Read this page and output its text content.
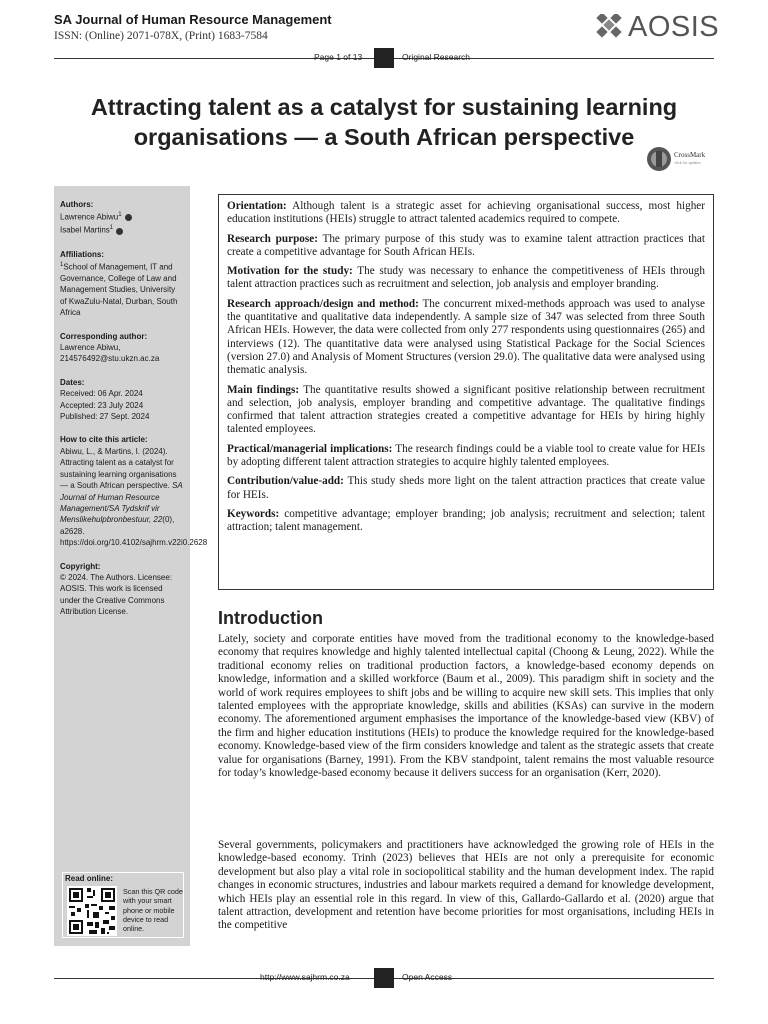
SA Journal of Human Resource Management
ISSN: (Online) 2071-078X, (Print) 1683-7584	AOSIS
Page 1 of 13	Original Research
Attracting talent as a catalyst for sustaining learning
organisations — a South African perspective
CrossMark
click for updates
Authors:
Lawrence Abiwu$^1$
Isabel Martins$^1$
Affiliations:
$^1$School of Management, IT and Governance, College of Law and Management Studies, University of KwaZulu-Natal, Durban, South Africa
Corresponding author:
Lawrence Abiwu,
214576492@stu.ukzn.ac.za
Dates:
Received: 06 Apr. 2024
Accepted: 23 July 2024
Published: 27 Sept. 2024
How to cite this article:
Abiwu, L., & Martins, I. (2024). Attracting talent as a catalyst for sustaining learning organisations — a South African perspective. SA Journal of Human Resource Management/SA Tydskrif vir Menslikehulpbronbestuur, 22(0), a2628. https://doi.org/10.4102/sajhrm.v22i0.2628
Copyright:
© 2024. The Authors. Licensee: AOSIS. This work is licensed under the Creative Commons Attribution License.
Read online:
Scan this QR code with your smart phone or mobile device to read online.
Orientation: Although talent is a strategic asset for achieving organisational success, most higher education institutions (HEIs) struggle to attract talented academics required to compete.
Research purpose: The primary purpose of this study was to examine talent attraction practices that create a competitive advantage for South African HEIs.
Motivation for the study: The study was necessary to enhance the competitiveness of HEIs through talent attraction practices such as recruitment and selection, job analysis and employer branding.
Research approach/design and method: The concurrent mixed-methods approach was used to analyse the quantitative and qualitative data independently. A sample size of 347 was selected from three South African HEIs. However, the data were collected from only 277 respondents using questionnaires (265) and interviews (12). The quantitative data were analysed using Statistical Package for the Social Sciences (version 27.0) and Analysis of Moment Structures (version 29.0). The qualitative data were analysed using thematic analysis.
Main findings: The quantitative results showed a significant positive relationship between recruitment and selection, job analysis, employer branding and competitive advantage. The qualitative findings confirmed that talent attraction strategies created a competitive advantage for HEIs by hiring highly talented employees.
Practical/managerial implications: The research findings could be a viable tool to create value for HEIs by adopting different talent attraction strategies to acquire highly talented employees.
Contribution/value-add: This study sheds more light on the talent attraction practices that create value for HEIs.
Keywords: competitive advantage; employer branding; job analysis; recruitment and selection; talent attraction; talent management.
Introduction
Lately, society and corporate entities have moved from the traditional economy to the knowledge-based economy that requires knowledge and highly talented intellectual capital (Choong & Leung, 2022). While the traditional economy relies on traditional production factors, a knowledge-based economy depends on knowledge, information and a skilled workforce (Baum et al., 2009). This paradigm shift in society and the world of work requires employees to shift jobs and be willing to acquire new skill sets. This implies that only talented employees with the appropriate knowledge, skills and abilities (KSAs) can survive in the modern economy. The aforementioned argument emphasises the importance of the knowledge-based view (KBV) of the firm and higher education institutions (HEIs) to produce the knowledge required for the knowledge-based economy. Knowledge-based view of the firm considers knowledge and talent as the strategic assets that create value for organisations (Barney, 1991). From the KBV standpoint, talent remains the most valuable resource for today’s knowledge-based economy because it delivers success for an organisation (Kerr, 2020).
Several governments, policymakers and practitioners have acknowledged the growing role of HEIs in the knowledge-based economy. Trinh (2023) believes that HEIs are not only a prerequisite for economic development but also play a vital role in sociopolitical stability and the human development index. The rapid changes in economic structures, industries and labour markets required a demand for knowledge development, which HEIs play an essential role in this regard. In view of this, Gallardo-Gallardo et al. (2020) argue that talent attraction, development and retention have become priorities for most organisations, including HEIs in the competitive
http://www.sajhrm.co.za	Open Access
